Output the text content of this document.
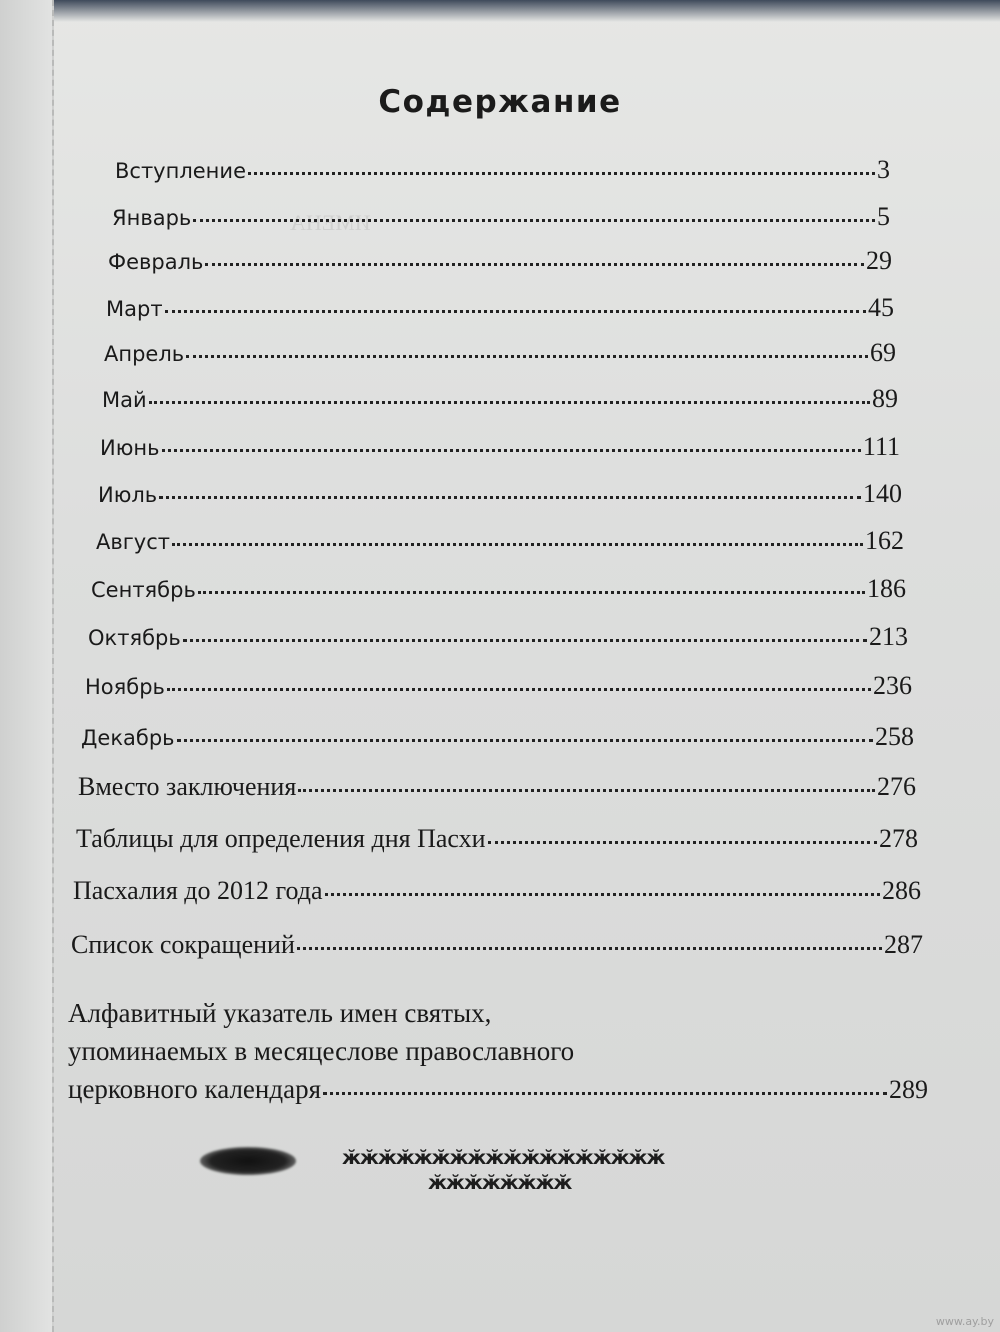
ИМЕНА
Содержание
Вступление	3
Январь	5
Февраль	29
Март	45
Апрель	69
Май	89
Июнь	111
Июль	140
Август	162
Сентябрь	186
Октябрь	213
Ноябрь	236
Декабрь	258
Вместо заключения	276
Таблицы для определения дня Пасхи	278
Пасхалия до 2012 года	286
Список сокращений	287
Алфавитный указатель имен святых,
упоминаемых в месяцеслове православного
церковного календаря	289
ӂӂӂӂӂӂӂӂӂӂӂӂӂӂӂӂӂӂ
ӂӂӂӂӂӂӂӂ
www.ay.by
